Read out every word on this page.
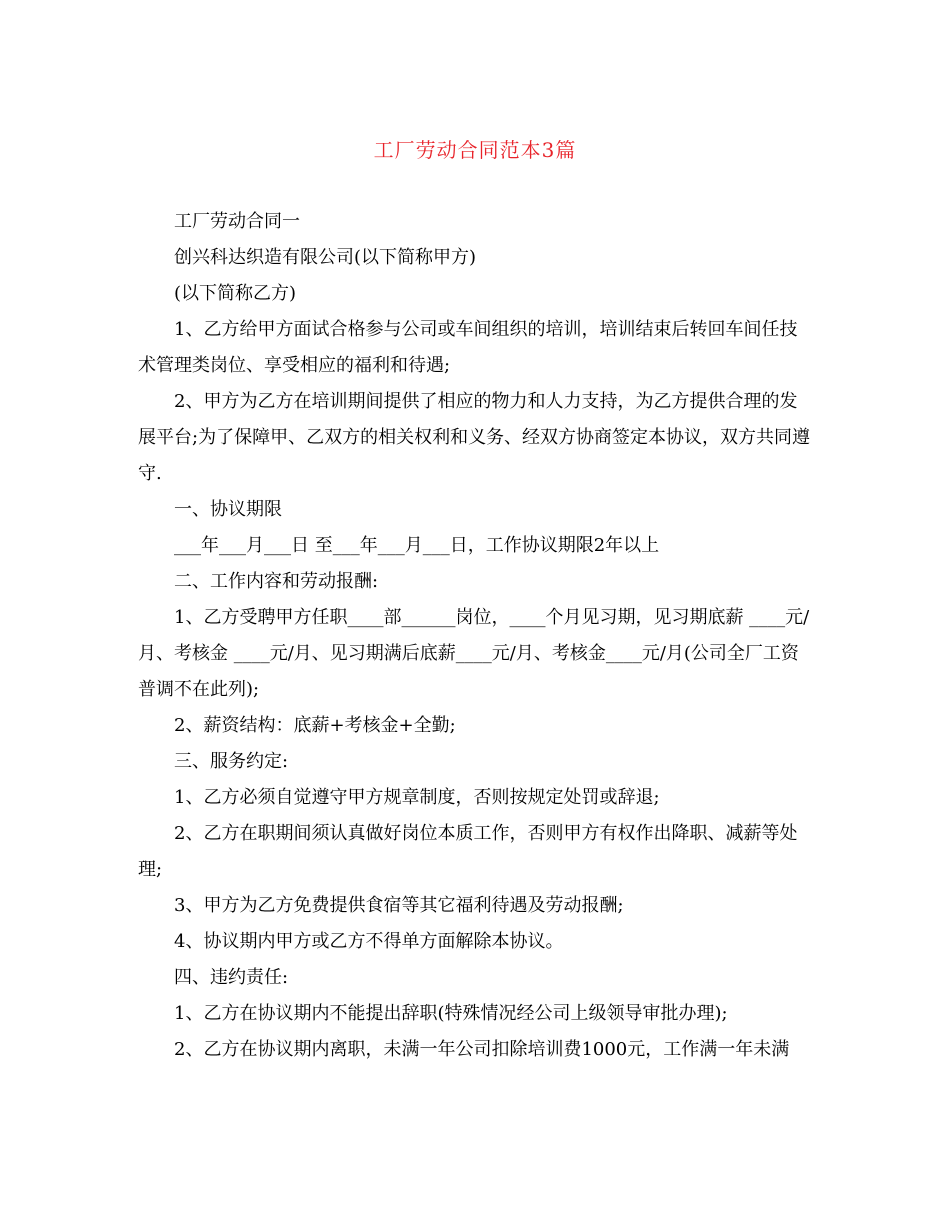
工厂劳动合同范本3篇

工厂劳动合同一

创兴科达织造有限公司(以下简称甲方)

(以下简称乙方)

1、乙方给甲方面试合格参与公司或车间组织的培训，培训结束后转回车间任技术管理类岗位、享受相应的福利和待遇;

2、甲方为乙方在培训期间提供了相应的物力和人力支持，为乙方提供合理的发展平台;为了保障甲、乙双方的相关权利和义务、经双方协商签定本协议，双方共同遵守.

一、协议期限

___年___月___日 至___年___月___日，工作协议期限2年以上

二、工作内容和劳动报酬:

1、乙方受聘甲方任职____部______岗位，____个月见习期，见习期底薪 ____元/月、考核金 ____元/月、见习期满后底薪____元/月、考核金____元/月(公司全厂工资普调不在此列);

2、薪资结构：底薪+考核金+全勤;

三、服务约定:

1、乙方必须自觉遵守甲方规章制度，否则按规定处罚或辞退;

2、乙方在职期间须认真做好岗位本质工作，否则甲方有权作出降职、减薪等处理;

3、甲方为乙方免费提供食宿等其它福利待遇及劳动报酬;

4、协议期内甲方或乙方不得单方面解除本协议。

四、违约责任:

1、乙方在协议期内不能提出辞职(特殊情况经公司上级领导审批办理);

2、乙方在协议期内离职，未满一年公司扣除培训费1000元，工作满一年未满
